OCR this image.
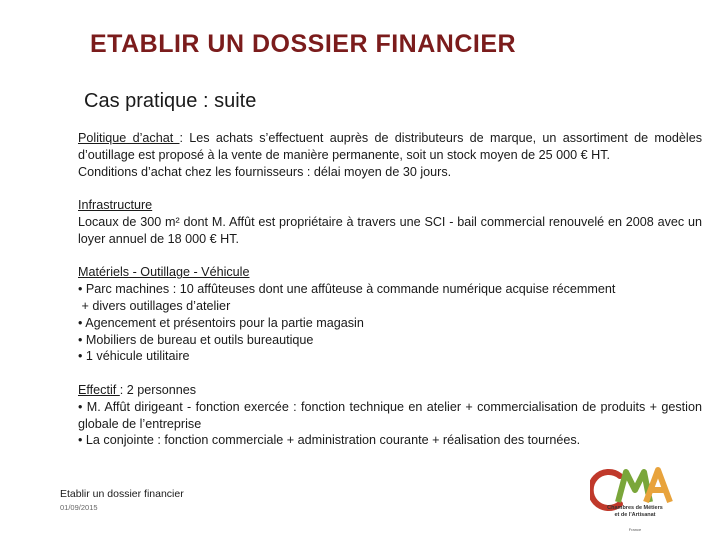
ETABLIR UN DOSSIER FINANCIER
Cas pratique : suite

Politique d’achat : Les achats s’effectuent auprès de distributeurs de marque, un assortiment de modèles d’outillage est proposé à la vente de manière permanente, soit un stock moyen de 25 000 € HT.

Conditions d’achat chez les fournisseurs : délai moyen de 30 jours.

Infrastructure

Locaux de 300 m² dont M. Affût est propriétaire à travers une SCI - bail commercial renouvelé en 2008 avec un loyer annuel de 18 000 € HT.

Matériels - Outillage - Véhicule

• Parc machines : 10 affûteuses dont une affûteuse à commande numérique acquise récemment

+ divers outillages d’atelier

• Agencement et présentoirs pour la partie magasin

• Mobiliers de bureau et outils bureautique

• 1 véhicule utilitaire

Effectif : 2 personnes

• M. Affût dirigeant - fonction exercée : fonction technique en atelier + commercialisation de produits + gestion globale de l’entreprise

• La conjointe : fonction commerciale + administration courante + réalisation des tournées.

Etablir un dossier financier
01/09/2015	Chambres de Métiers
et de l'Artisanat
France
